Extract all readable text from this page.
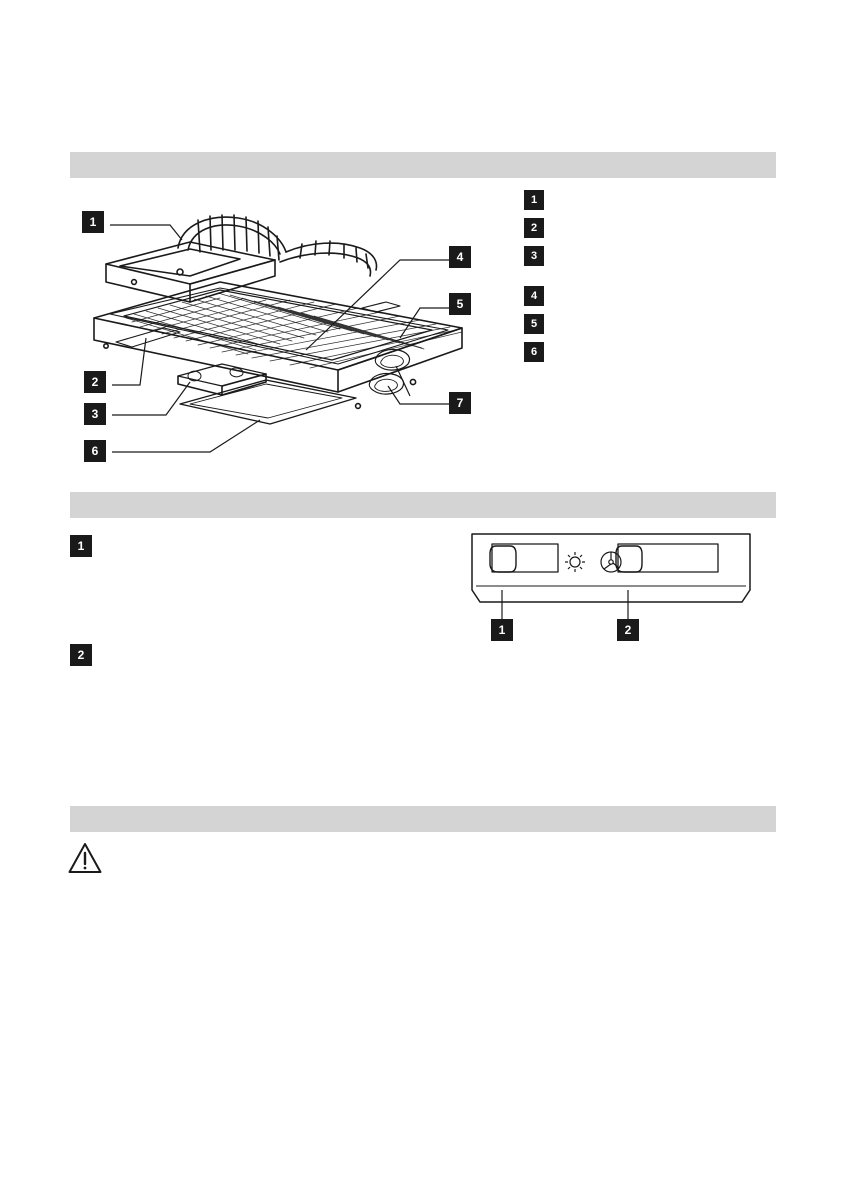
1
2
3
6
4
5
7
1
2
3
4
5
6
1
2
1	2
